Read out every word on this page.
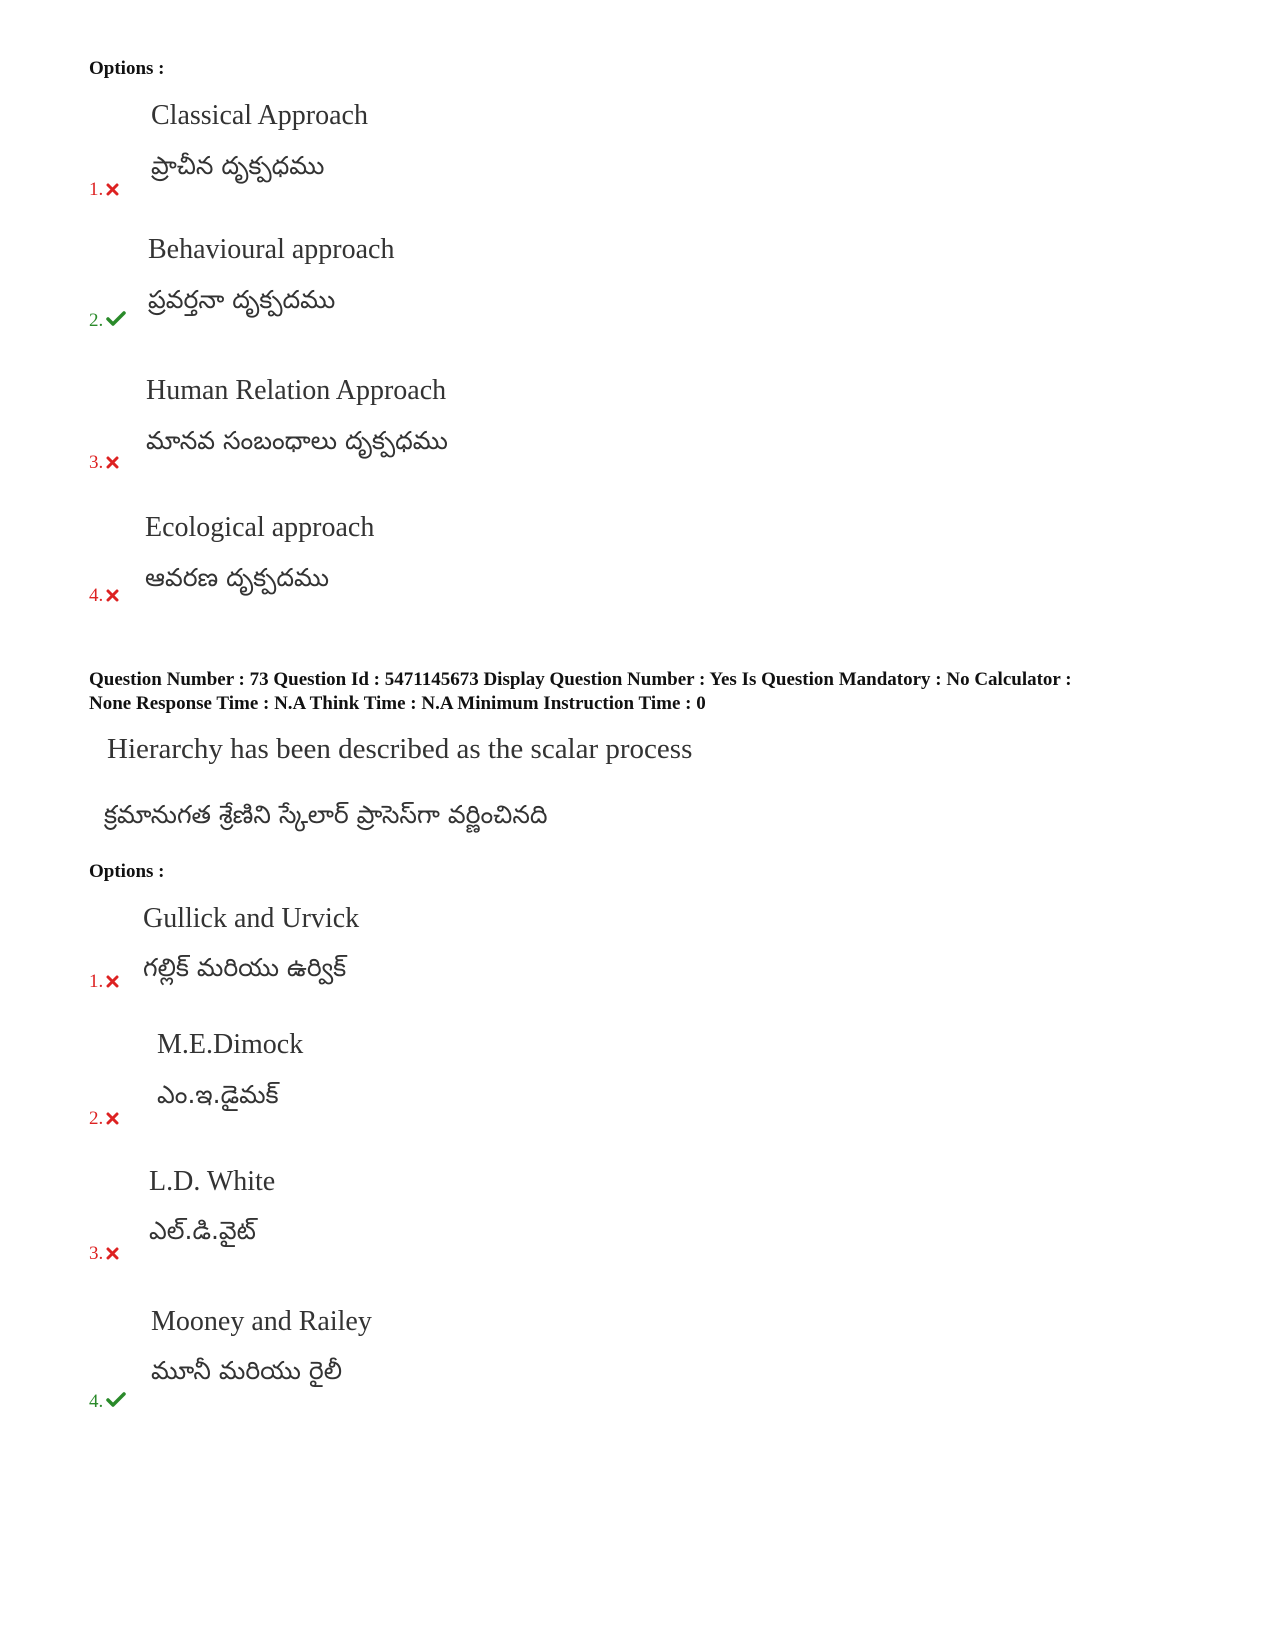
Options :
Classical Approach
ప్రాచీన దృక్పధము
1.
Behavioural approach
ప్రవర్తనా దృక్పదము
2.
Human Relation Approach
మానవ సంబంధాలు దృక్పధము
3.
Ecological approach
ఆవరణ దృక్పదము
4.
Question Number : 73 Question Id : 5471145673 Display Question Number : Yes Is Question Mandatory : No Calculator :
None Response Time : N.A Think Time : N.A Minimum Instruction Time : 0
Hierarchy has been described as the scalar process
క్రమానుగత శ్రేణిని స్కేలార్ ప్రాసెస్‌గా వర్ణించినది
Options :
Gullick and Urvick
గల్లిక్ మరియు ఉర్విక్
1.
M.E.Dimock
ఎం.ఇ.డైమక్
2.
L.D. White
ఎల్.డి.వైట్
3.
Mooney and Railey
మూనీ మరియు రైలీ
4.
